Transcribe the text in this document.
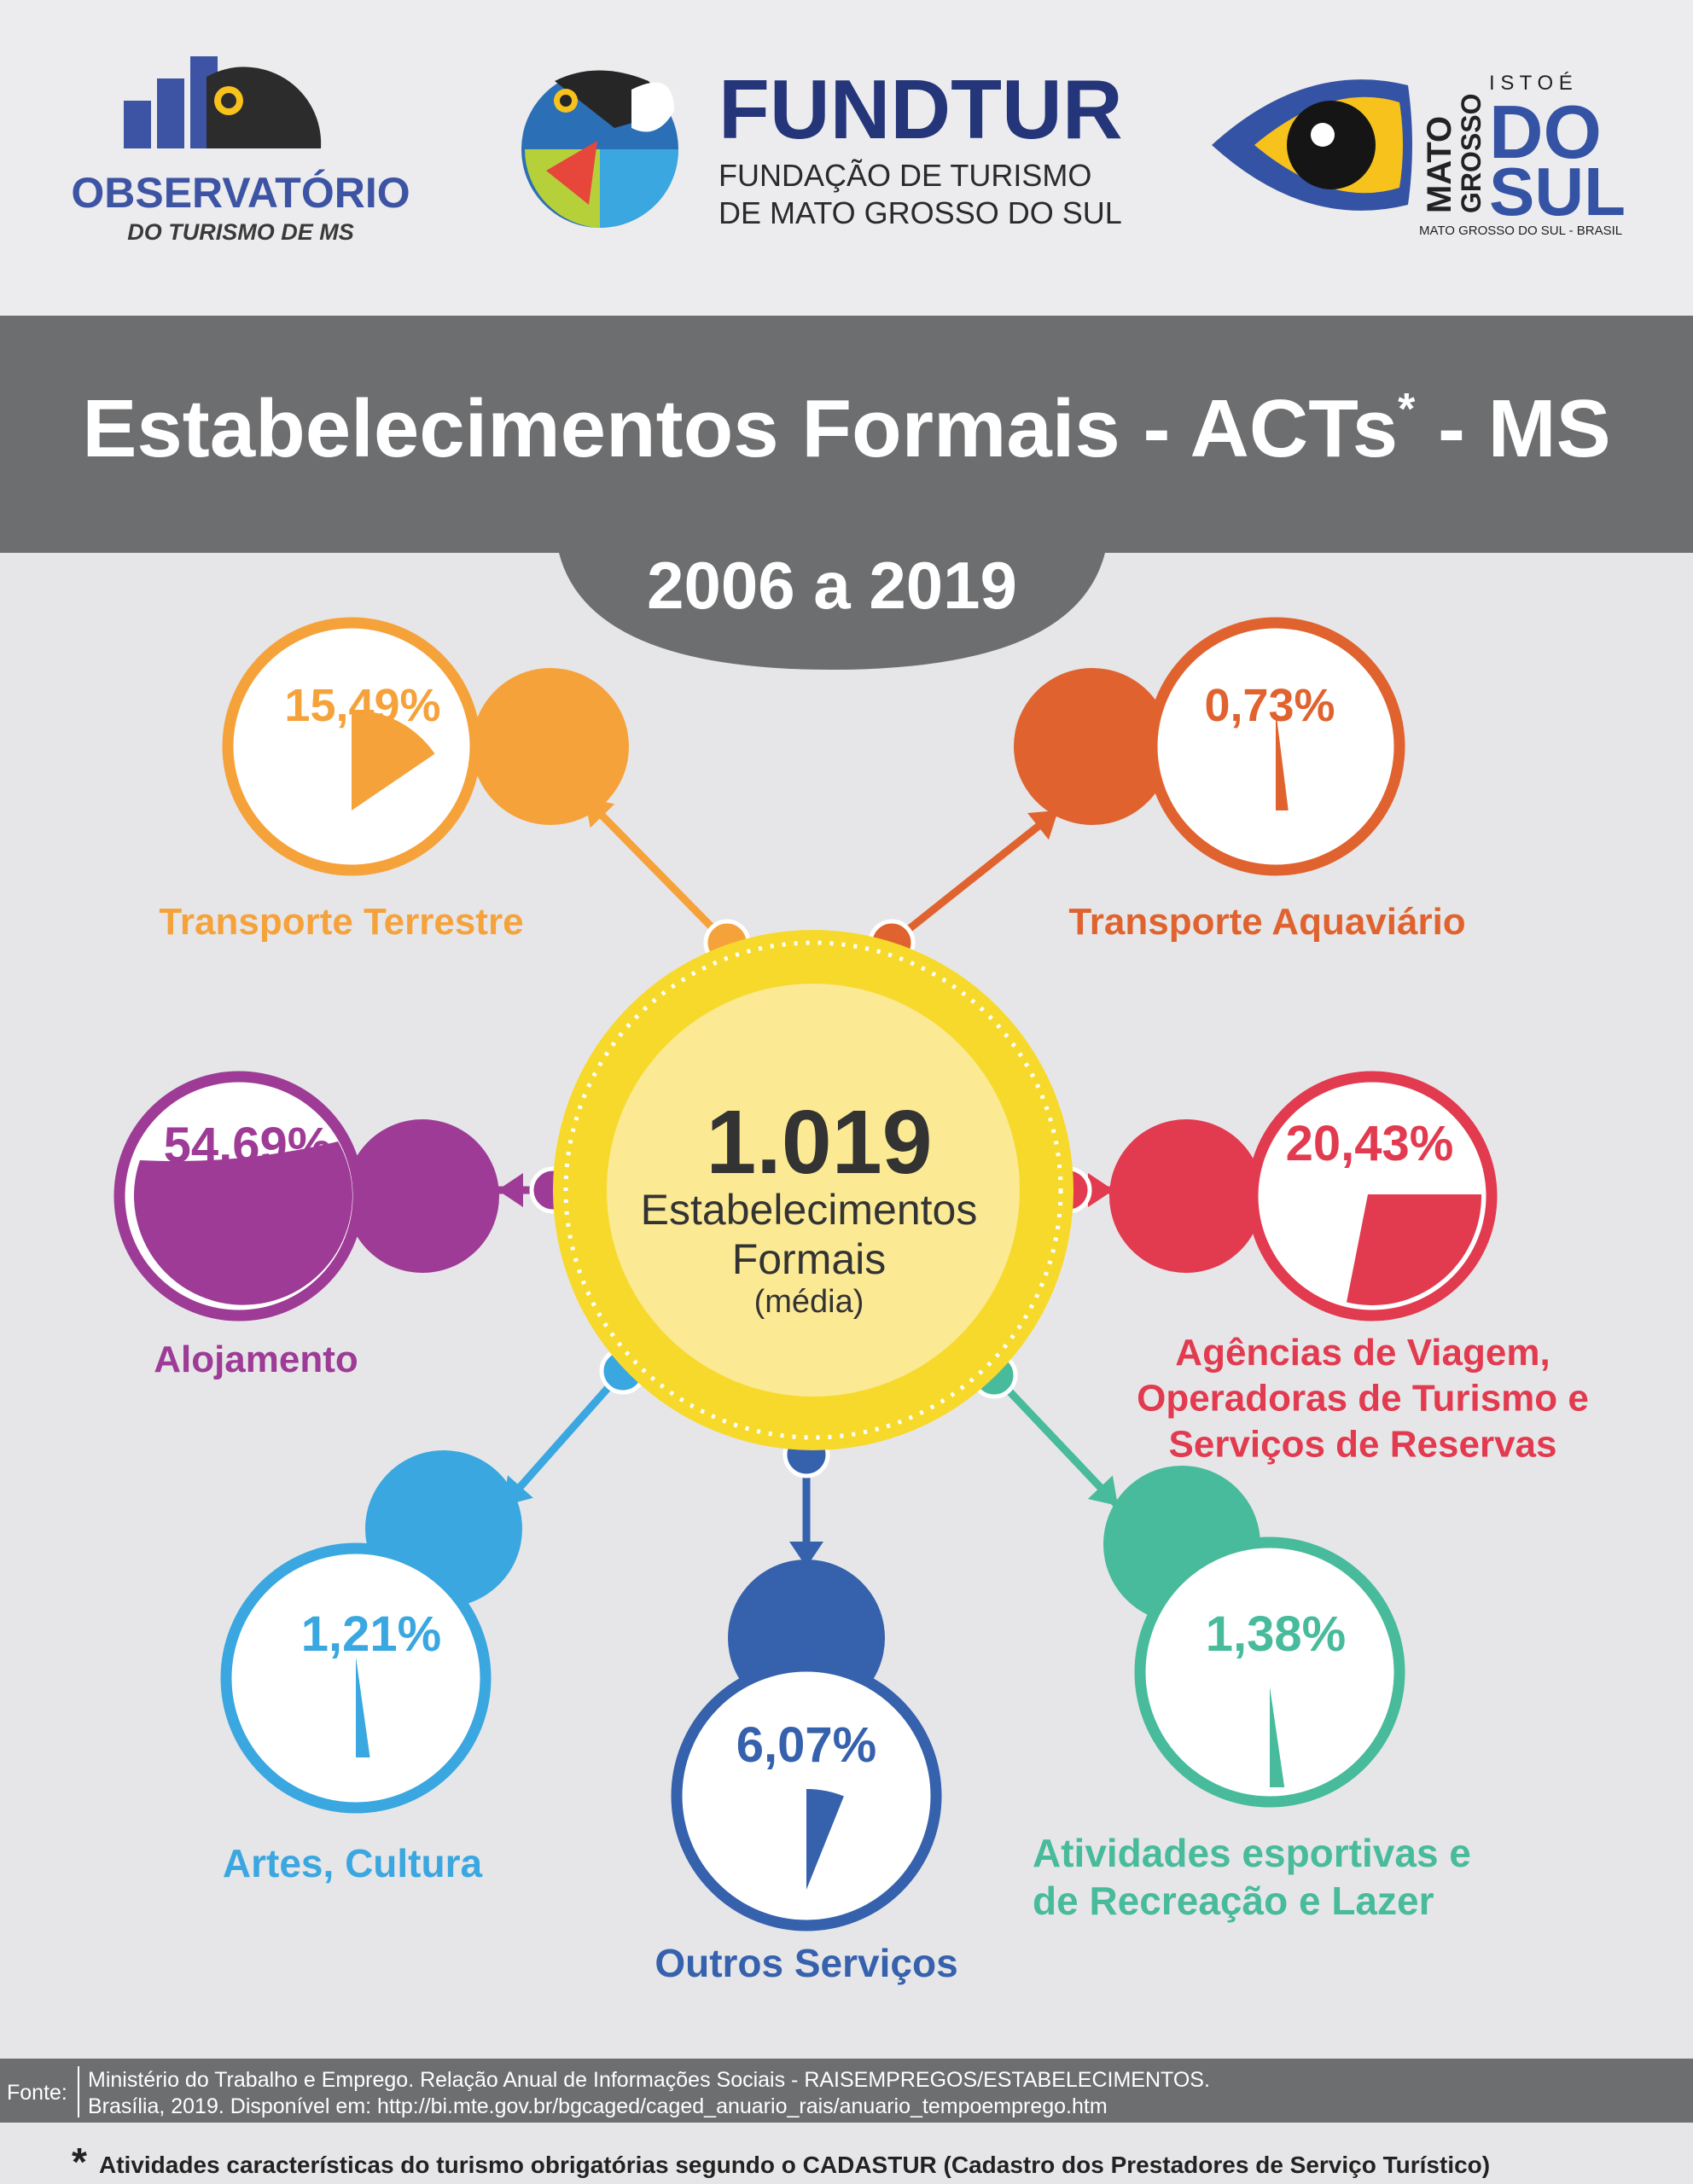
OBSERVATÓRIO
DO TURISMO DE MS
FUNDTUR
FUNDAÇÃO DE TURISMO
DE MATO GROSSO DO SUL
I S T O É
MATO
GROSSO DO
SUL
MATO GROSSO DO SUL - BRASIL
Estabelecimentos Formais - ACTs* - MS
2006 a 2019
1.019
Estabelecimentos
Formais
(média)
15,49%
Transporte Terrestre
0,73%
Transporte Aquaviário
54,69%
Alojamento
20,43%
Agências de Viagem,
Operadoras de Turismo e
Serviços de Reservas
1,21%
Artes, Cultura
6,07%
Outros Serviços
1,38%
Atividades esportivas e
de Recreação e Lazer
Fonte:
Ministério do Trabalho e Emprego. Relação Anual de Informações Sociais - RAISEMPREGOS/ESTABELECIMENTOS.
Brasília, 2019. Disponível em: http://bi.mte.gov.br/bgcaged/caged_anuario_rais/anuario_tempoemprego.htm
* Atividades características do turismo obrigatórias segundo o CADASTUR (Cadastro dos Prestadores de Serviço Turístico)
